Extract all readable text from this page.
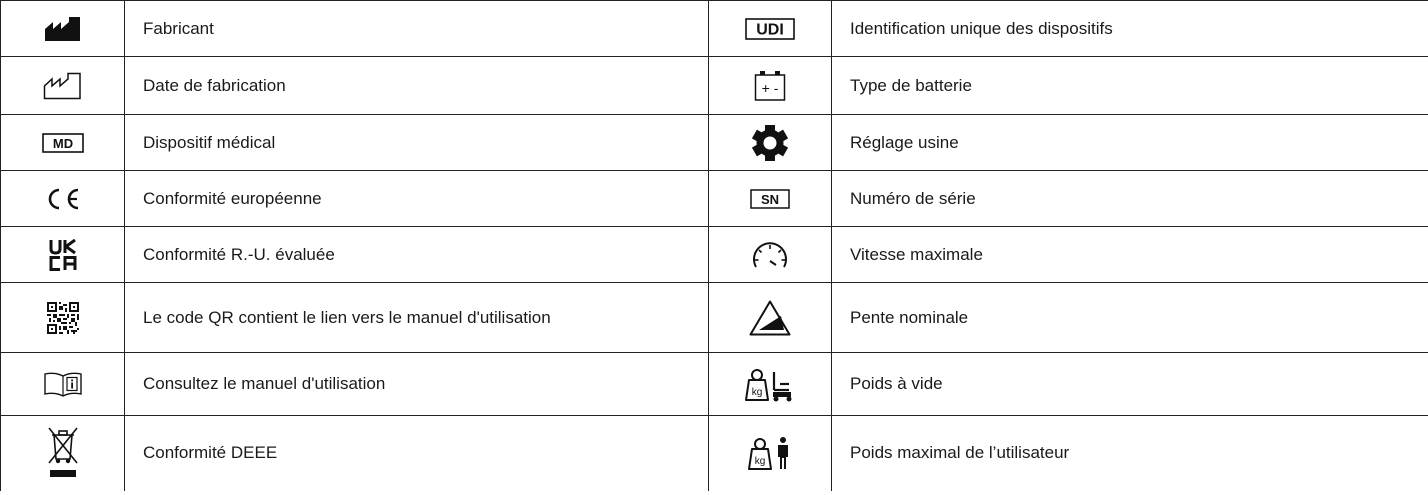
	Fabricant	UDI	Identification unique des dispositifs

	Date de fabrication	+ -	Type de batterie

MD	Dispositif médical		Réglage usine

	Conformité européenne	SN	Numéro de série

	Conformité R.-U. évaluée		Vitesse maximale

	Le code QR contient le lien vers le manuel d'utilisation		Pente nominale

	Consultez le manuel d'utilisation	kg	Poids à vide

	Conformité DEEE	kg	Poids maximal de l’utilisateur
